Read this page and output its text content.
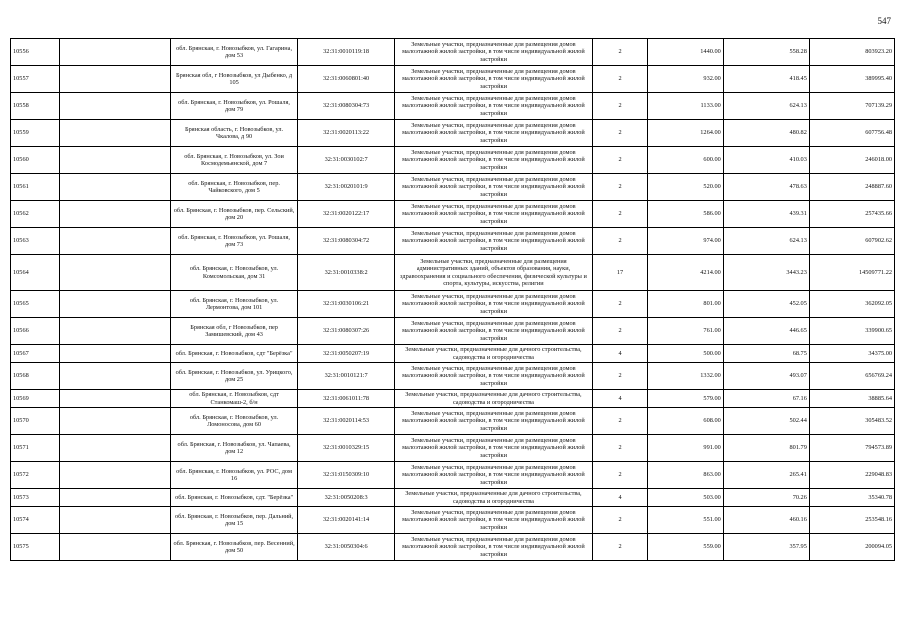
547
10556		обл. Брянская, г. Новозыбков, ул. Гагарина, дом 53	32:31:0010119:18	Земельные участки, предназначенные для размещения домов малоэтажной жилой застройки, в том числе индивидуальной жилой застройки	2	1440.00	558.28	803923.20
10557		Брянская обл, г Новозыбков, ул Дыбенко, д 105	32:31:0060801:40	Земельные участки, предназначенные для размещения домов малоэтажной жилой застройки, в том числе индивидуальной жилой застройки	2	932.00	418.45	389995.40
10558		обл. Брянская, г. Новозыбков, ул. Рошаля, дом 79	32:31:0080304:73	Земельные участки, предназначенные для размещения домов малоэтажной жилой застройки, в том числе индивидуальной жилой застройки	2	1133.00	624.13	707139.29
10559		Брянская область, г. Новозыбков, ул. Чкалова, д 90	32:31:0020113:22	Земельные участки, предназначенные для размещения домов малоэтажной жилой застройки, в том числе индивидуальной жилой застройки	2	1264.00	480.82	607756.48
10560		обл. Брянская, г. Новозыбков, ул. Зои Космодемьянской, дом 7	32:31:0030102:7	Земельные участки, предназначенные для размещения домов малоэтажной жилой застройки, в том числе индивидуальной жилой застройки	2	600.00	410.03	246018.00
10561		обл. Брянская, г. Новозыбков, пер. Чайковского, дом 5	32:31:0020101:9	Земельные участки, предназначенные для размещения домов малоэтажной жилой застройки, в том числе индивидуальной жилой застройки	2	520.00	478.63	248887.60
10562		обл. Брянская, г. Новозыбков, пер. Сельский, дом 20	32:31:0020122:17	Земельные участки, предназначенные для размещения домов малоэтажной жилой застройки, в том числе индивидуальной жилой застройки	2	586.00	439.31	257435.66
10563		обл. Брянская, г. Новозыбков, ул. Рошаля, дом 73	32:31:0080304:72	Земельные участки, предназначенные для размещения домов малоэтажной жилой застройки, в том числе индивидуальной жилой застройки	2	974.00	624.13	607902.62
10564		обл. Брянская, г. Новозыбков, ул. Комсомольская, дом 31	32:31:0010338:2	Земельные участки, предназначенные для размещения административных зданий, объектов образования, науки, здравоохранения и социального обеспечения, физической культуры и спорта, культуры, искусства, религии	17	4214.00	3443.23	14509771.22
10565		обл. Брянская, г. Новозыбков, ул. Лермонтова, дом 101	32:31:0030106:21	Земельные участки, предназначенные для размещения домов малоэтажной жилой застройки, в том числе индивидуальной жилой застройки	2	801.00	452.05	362092.05
10566		Брянская обл, г Новозыбков, пер Замишевский, дом 43	32:31:0080307:26	Земельные участки, предназначенные для размещения домов малоэтажной жилой застройки, в том числе индивидуальной жилой застройки	2	761.00	446.65	339900.65
10567		обл. Брянская, г. Новозыбков, сдт "Берёзка"	32:31:0050207:19	Земельные участки, предназначенные для дачного строительства, садоводства и огородничества	4	500.00	68.75	34375.00
10568		обл. Брянская, г. Новозыбков, ул. Урицкого, дом 25	32:31:0010121:7	Земельные участки, предназначенные для размещения домов малоэтажной жилой застройки, в том числе индивидуальной жилой застройки	2	1332.00	493.07	656769.24
10569		обл. Брянская, г. Новозыбков, сдт Станкомаш-2, б/н	32:31:0061011:78	Земельные участки, предназначенные для дачного строительства, садоводства и огородничества	4	579.00	67.16	38885.64
10570		обл. Брянская, г. Новозыбков, ул. Ломоносова, дом 60	32:31:0020114:53	Земельные участки, предназначенные для размещения домов малоэтажной жилой застройки, в том числе индивидуальной жилой застройки	2	608.00	502.44	305483.52
10571		обл. Брянская, г. Новозыбков, ул. Чапаева, дом 12	32:31:0010329:15	Земельные участки, предназначенные для размещения домов малоэтажной жилой застройки, в том числе индивидуальной жилой застройки	2	991.00	801.79	794573.89
10572		обл. Брянская, г. Новозыбков, ул. РОС, дом 16	32:31:0150309:10	Земельные участки, предназначенные для размещения домов малоэтажной жилой застройки, в том числе индивидуальной жилой застройки	2	863.00	265.41	229048.83
10573		обл. Брянская, г. Новозыбков, сдт. "Берёзка"	32:31:0050208:3	Земельные участки, предназначенные для дачного строительства, садоводства и огородничества	4	503.00	70.26	35340.78
10574		обл. Брянская, г. Новозыбков, пер. Дальний, дом 15	32:31:0020141:14	Земельные участки, предназначенные для размещения домов малоэтажной жилой застройки, в том числе индивидуальной жилой застройки	2	551.00	460.16	253548.16
10575		обл. Брянская, г. Новозыбков, пер. Весенний, дом 50	32:31:0050304:6	Земельные участки, предназначенные для размещения домов малоэтажной жилой застройки, в том числе индивидуальной жилой застройки	2	559.00	357.95	200094.05
